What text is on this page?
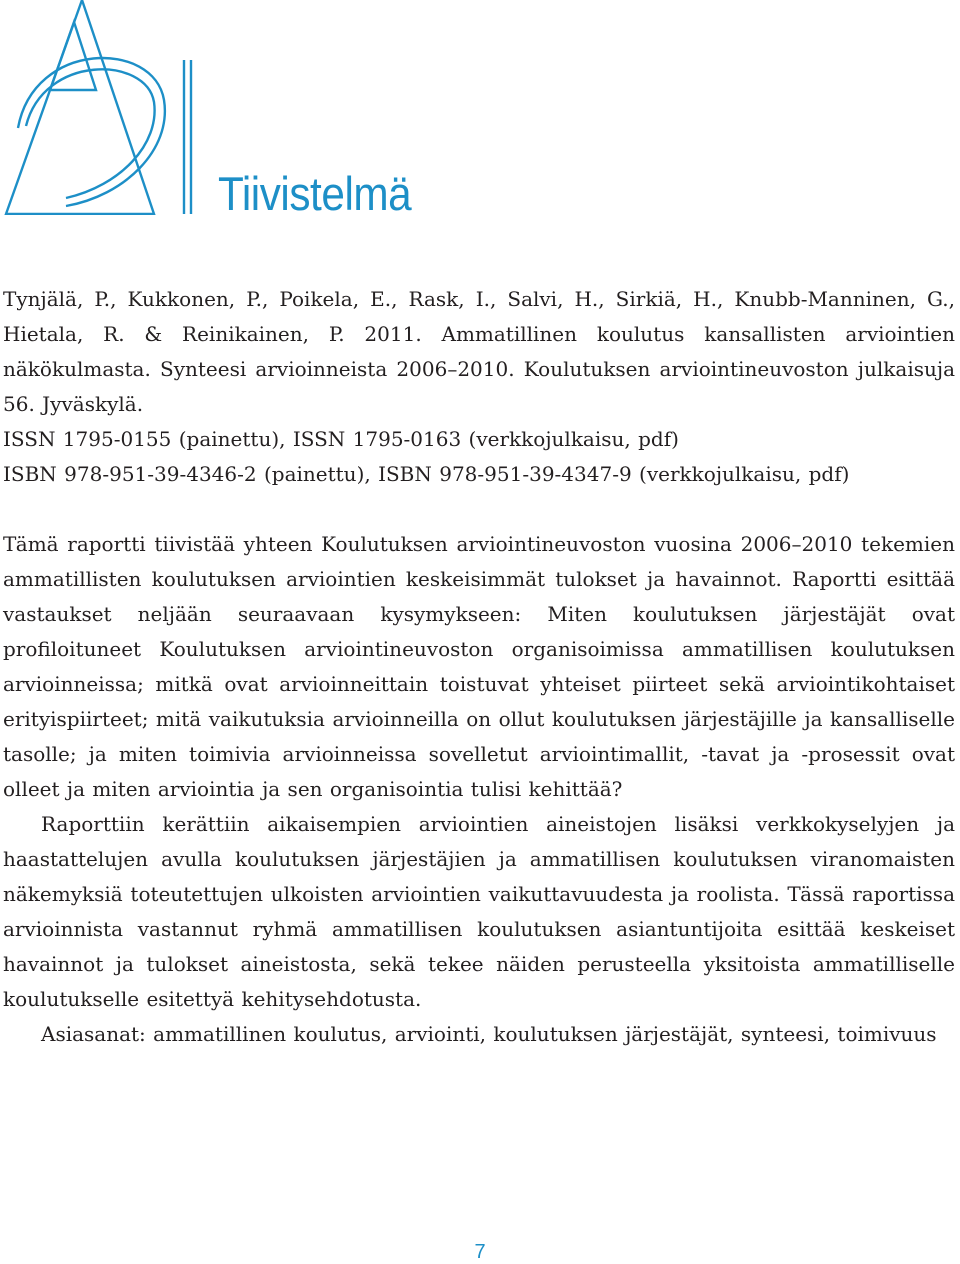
Tiivistelmä

Tynjälä, P., Kukkonen, P., Poikela, E., Rask, I., Salvi, H., Sirkiä, H., Knubb-Manninen, G., Hietala, R. & Reinikainen, P. 2011. Ammatillinen koulutus kansallisten arviointien näkökulmasta. Synteesi arvioinneista 2006–2010. Koulutuksen arviointineuvoston julkaisuja 56. Jyväskylä.

ISSN 1795-0155 (painettu), ISSN 1795-0163 (verkkojulkaisu, pdf)

ISBN 978-951-39-4346-2 (painettu), ISBN 978-951-39-4347-9 (verkkojulkaisu, pdf)

Tämä raportti tiivistää yhteen Koulutuksen arviointineuvoston vuosina 2006–2010 tekemien ammatillisten koulutuksen arviointien keskeisimmät tulokset ja havainnot. Raportti esittää vastaukset neljään seuraavaan kysymykseen: Miten koulutuksen järjestäjät ovat profiloituneet Koulutuksen arviointineuvoston organisoimissa ammatillisen koulutuksen arvioinneissa; mitkä ovat arvioinneittain toistuvat yhteiset piirteet sekä arviointikohtaiset erityispiirteet; mitä vaikutuksia arvioinneilla on ollut koulutuksen järjestäjille ja kansalliselle tasolle; ja miten toimivia arvioinneissa sovelletut arviointimallit, -tavat ja -prosessit ovat olleet ja miten arviointia ja sen organisointia tulisi kehittää?

Raporttiin kerättiin aikaisempien arviointien aineistojen lisäksi verkkokyselyjen ja haastattelujen avulla koulutuksen järjestäjien ja ammatillisen koulutuksen viranomaisten näkemyksiä toteutettujen ulkoisten arviointien vaikuttavuudesta ja roolista. Tässä raportissa arvioinnista vastannut ryhmä ammatillisen koulutuksen asiantuntijoita esittää keskeiset havainnot ja tulokset aineistosta, sekä tekee näiden perusteella yksitoista ammatilliselle koulutukselle esitettyä kehitysehdotusta.

Asiasanat: ammatillinen koulutus, arviointi, koulutuksen järjestäjät, synteesi, toimivuus

7
